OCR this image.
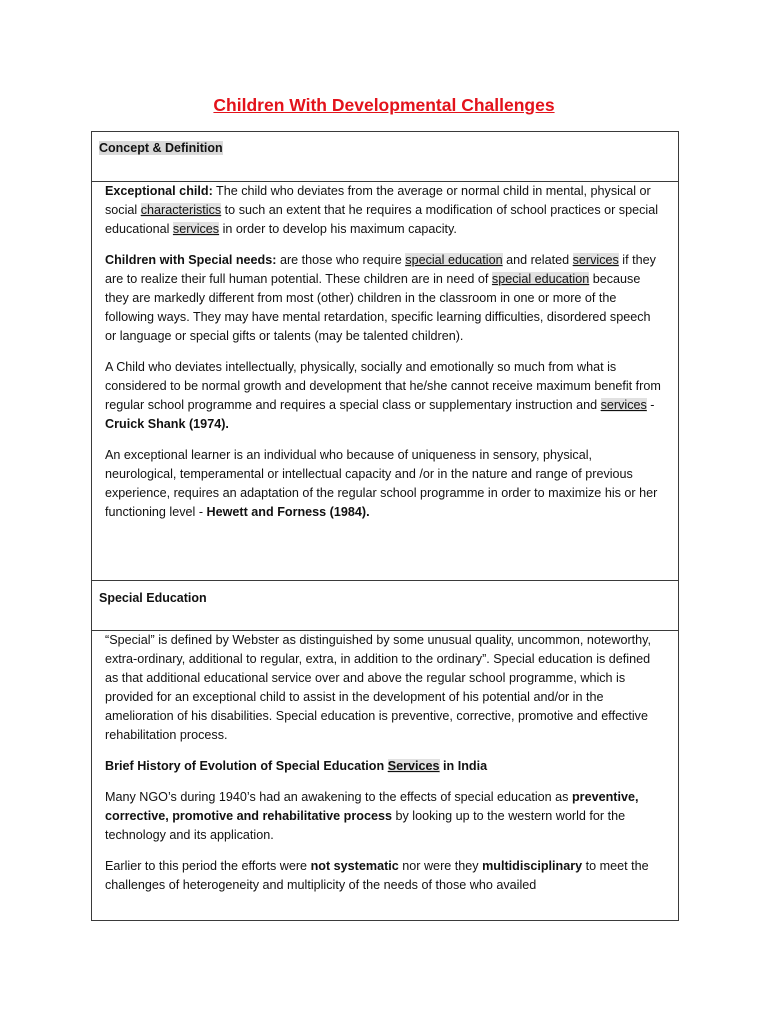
Children With Developmental Challenges
Concept & Definition

Exceptional child: The child who deviates from the average or normal child in mental, physical or social characteristics to such an extent that he requires a modification of school practices or special educational services in order to develop his maximum capacity.

Children with Special needs: are those who require special education and related services if they are to realize their full human potential. These children are in need of special education because they are markedly different from most (other) children in the classroom in one or more of the following ways. They may have mental retardation, specific learning difficulties, disordered speech or language or special gifts or talents (may be talented children).

A Child who deviates intellectually, physically, socially and emotionally so much from what is considered to be normal growth and development that he/she cannot receive maximum benefit from regular school programme and requires a special class or supplementary instruction and services - Cruick Shank (1974).

An exceptional learner is an individual who because of uniqueness in sensory, physical, neurological, temperamental or intellectual capacity and /or in the nature and range of previous experience, requires an adaptation of the regular school programme in order to maximize his or her functioning level - Hewett and Forness (1984).

Special Education

“Special” is defined by Webster as distinguished by some unusual quality, uncommon, noteworthy, extra-ordinary, additional to regular, extra, in addition to the ordinary”. Special education is defined as that additional educational service over and above the regular school programme, which is provided for an exceptional child to assist in the development of his potential and/or in the amelioration of his disabilities. Special education is preventive, corrective, promotive and effective rehabilitation process.

Brief History of Evolution of Special Education Services in India

Many NGO’s during 1940’s had an awakening to the effects of special education as preventive, corrective, promotive and rehabilitative process by looking up to the western world for the technology and its application.

Earlier to this period the efforts were not systematic nor were they multidisciplinary to meet the challenges of heterogeneity and multiplicity of the needs of those who availed
